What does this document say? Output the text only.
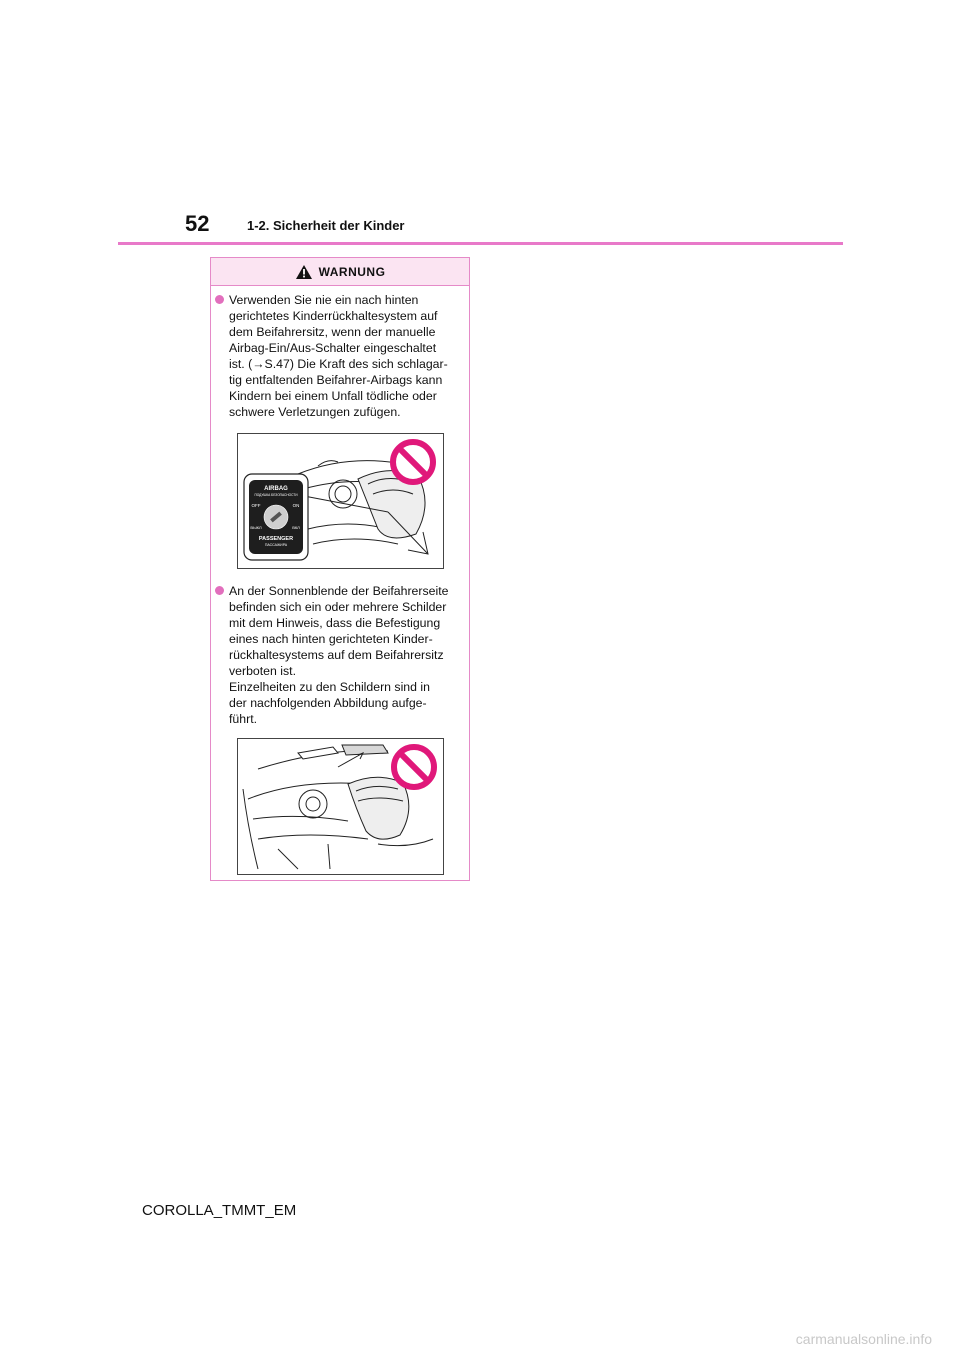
52	1-2. Sicherheit der Kinder
WARNUNG

Verwenden Sie nie ein nach hinten
gerichtetes Kinderrückhaltesystem auf
dem Beifahrersitz, wenn der manuelle
Airbag-Ein/Aus-Schalter eingeschaltet
ist. (→S.47) Die Kraft des sich schlagar-
tig entfaltenden Beifahrer-Airbags kann
Kindern bei einem Unfall tödliche oder
schwere Verletzungen zufügen.

AIRBAG
ПОДУШКА БЕЗОПАСНОСТИ
OFF	ON
ВЫКЛ	ВКЛ
PASSENGER
ПАССАЖИРА

An der Sonnenblende der Beifahrerseite
befinden sich ein oder mehrere Schilder
mit dem Hinweis, dass die Befestigung
eines nach hinten gerichteten Kinder-
rückhaltesystems auf dem Beifahrersitz
verboten ist.
Einzelheiten zu den Schildern sind in
der nachfolgenden Abbildung aufge-
führt.

COROLLA_TMMT_EM
carmanualsonline.info
